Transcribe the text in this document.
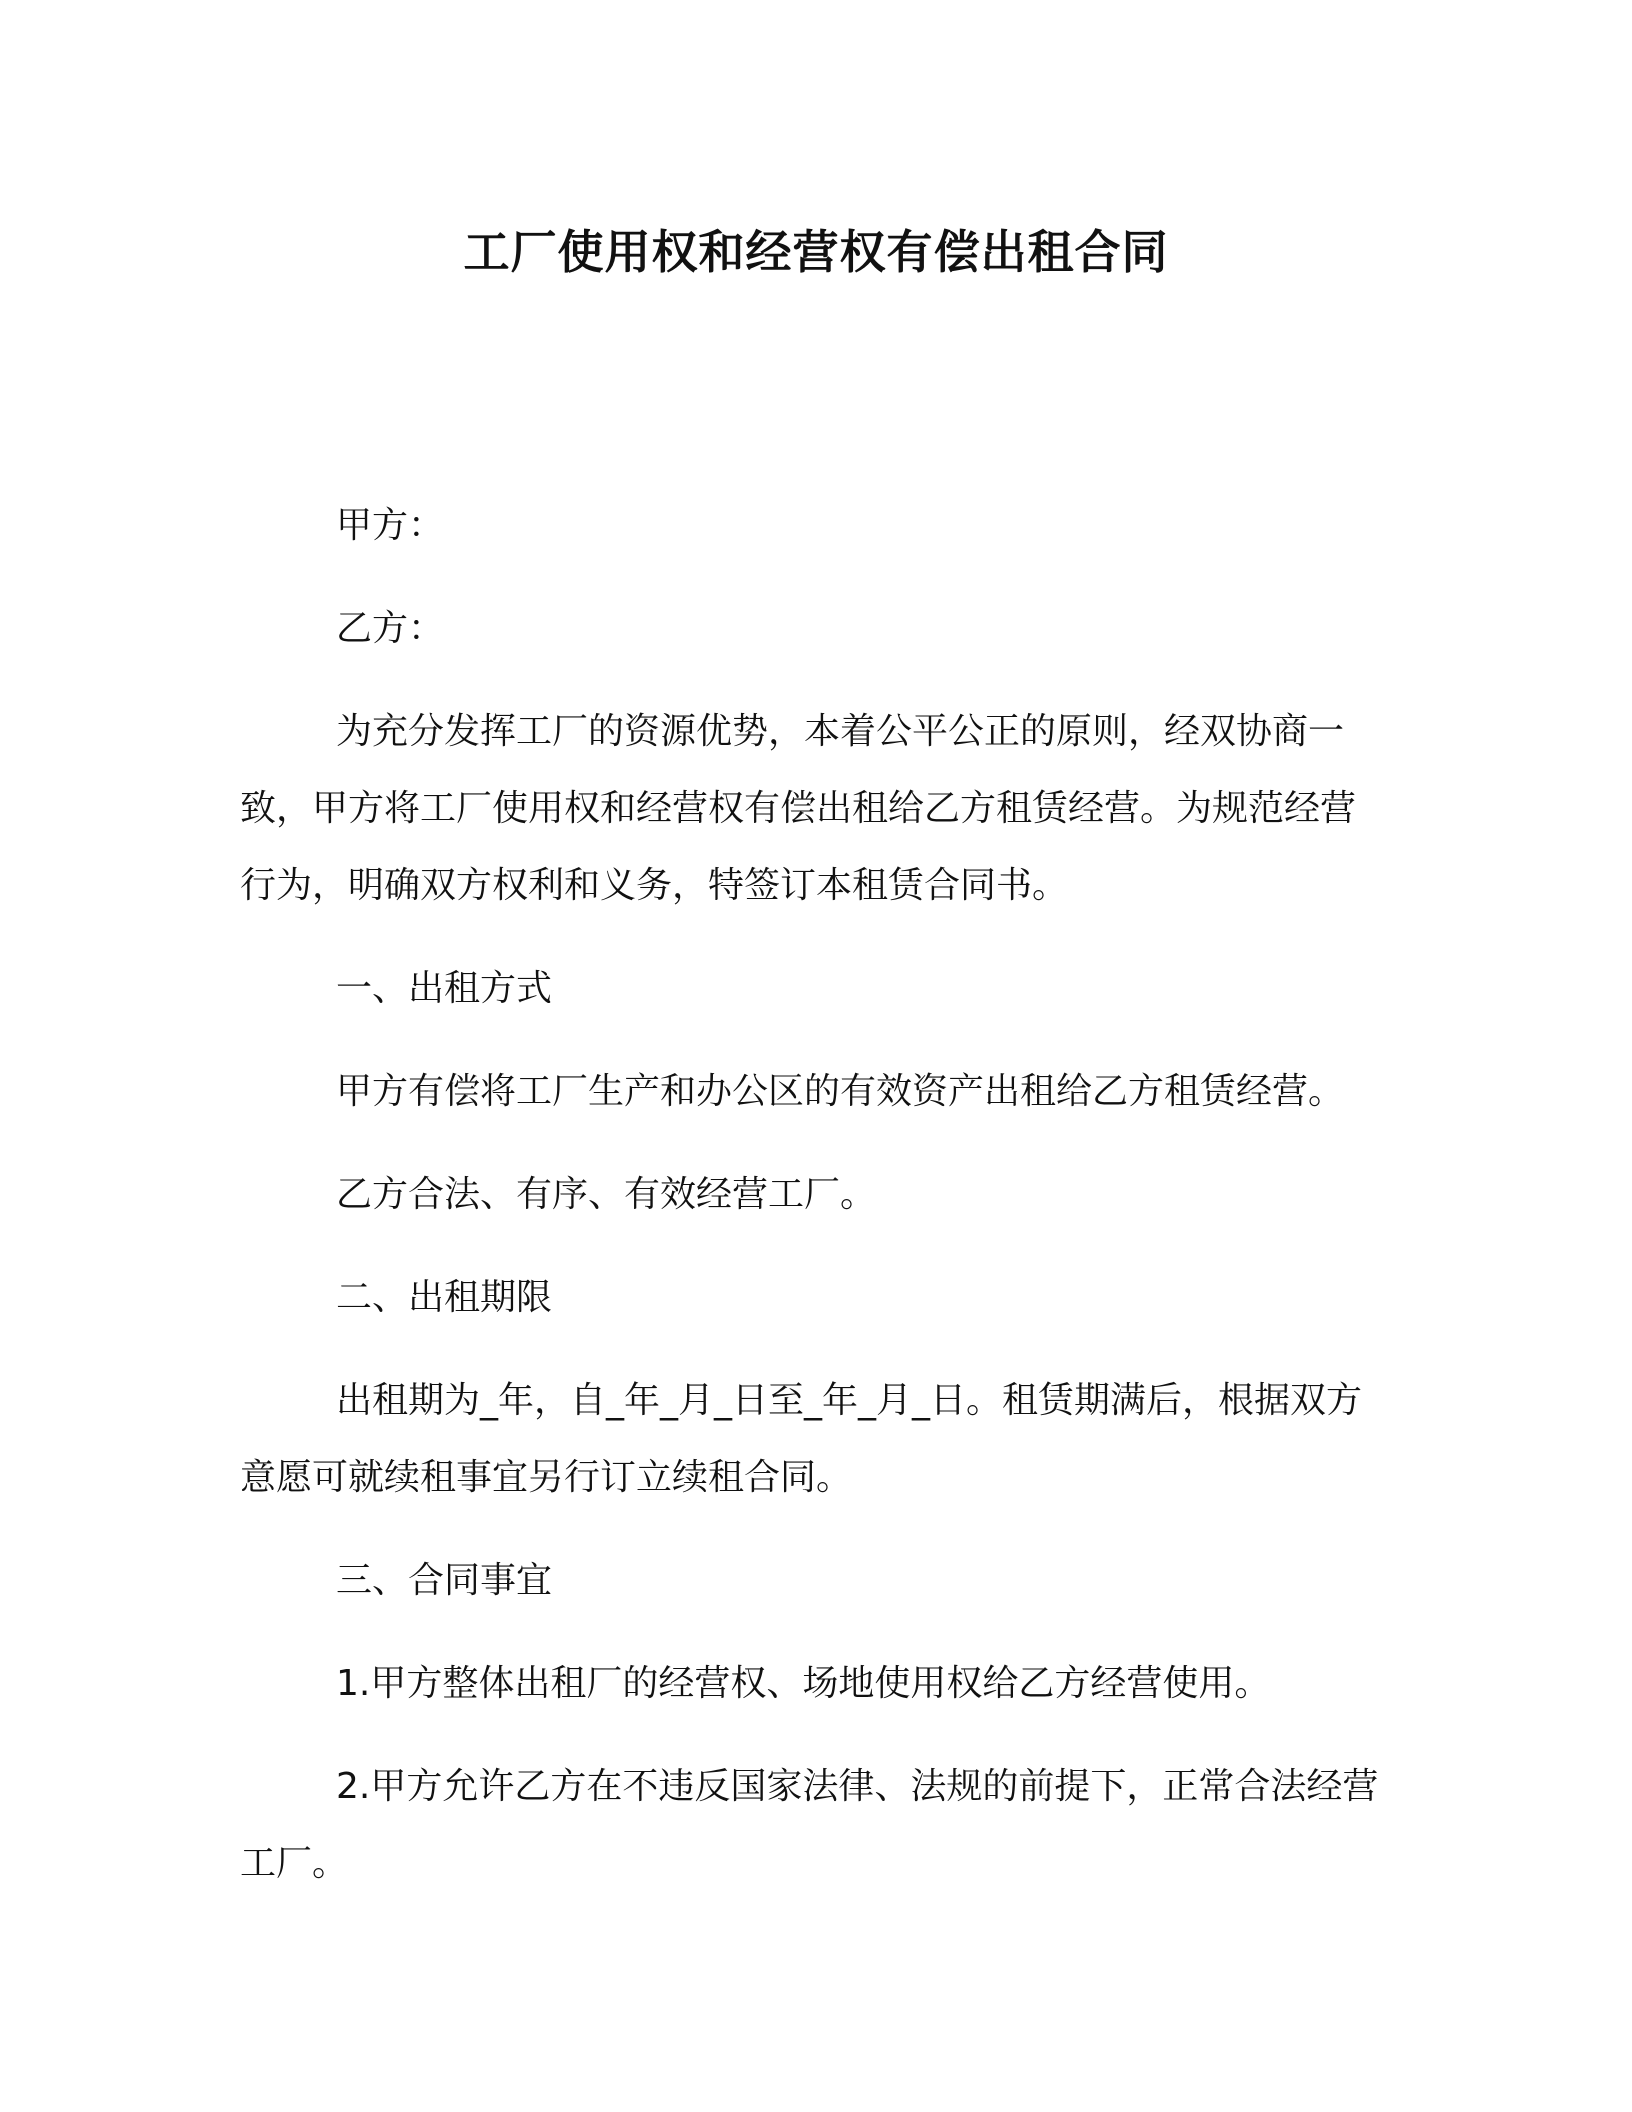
工厂使用权和经营权有偿出租合同

甲方：

乙方：

为充分发挥工厂的资源优势，本着公平公正的原则，经双协商一致，甲方将工厂使用权和经营权有偿出租给乙方租赁经营。为规范经营行为，明确双方权利和义务，特签订本租赁合同书。

一、出租方式

甲方有偿将工厂生产和办公区的有效资产出租给乙方租赁经营。

乙方合法、有序、有效经营工厂。

二、出租期限

出租期为_年，自_年_月_日至_年_月_日。租赁期满后，根据双方意愿可就续租事宜另行订立续租合同。

三、合同事宜

1.甲方整体出租厂的经营权、场地使用权给乙方经营使用。

2.甲方允许乙方在不违反国家法律、法规的前提下，正常合法经营工厂。
